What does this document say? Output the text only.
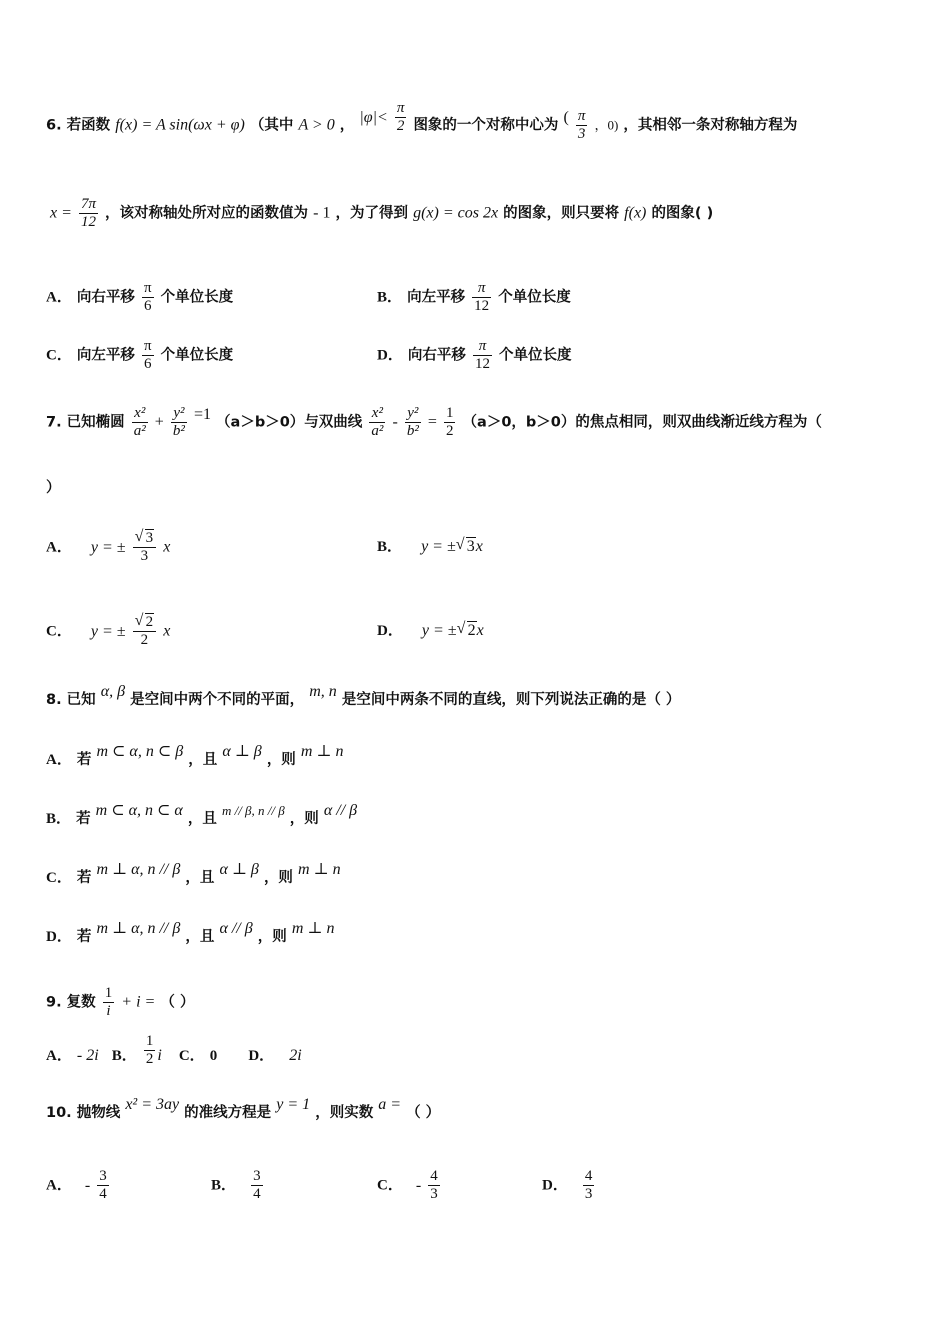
6. 若函数 f(x) = A sin(ωx + φ) （其中 A > 0 ， $|\varphi|< \frac{\pi}{2}$ 图象的一个对称中心为 ( $\frac{\pi}{3}$ ，0) ，其相邻一条对称轴方程为
$x = \frac{7\pi}{12}$ ，该对称轴处所对应的函数值为 - 1 ，为了得到 g(x) = cos 2x 的图象，则只要将 f(x) 的图象( )
A． 向右平移 $\frac{\pi}{6}$ 个单位长度	B． 向左平移 $\frac{\pi}{12}$ 个单位长度
C． 向左平移 $\frac{\pi}{6}$ 个单位长度	D． 向右平移 $\frac{\pi}{12}$ 个单位长度
7. 已知椭圆 $\frac{\text{x²}}{\text{a²}} + \frac{\text{y²}}{\text{b²}} =1$ （a＞b＞0）与双曲线 $\frac{\text{x²}}{\text{a²}} - \frac{\text{y²}}{\text{b²}} = \frac{1}{2} (a>0$，b＞0）的焦点相同，则双曲线渐近线方程为（
）
A． y = ± √ $\frac{3}{3}$ x	B． y = ± √ 3x
C． y = ± √ $\frac{2}{2}$ x	D． y = ± √ 2x
8. 已知 α, β 是空间中两个不同的平面， m, n 是空间中两条不同的直线，则下列说法正确的是（ ）
A． 若 m ⊂ α, n ⊂ β ，且 α ⊥ β ，则 m ⊥ n
B． 若 m ⊂ α, n ⊂ α ，且 m // β, n // β ，则 α // β
C． 若 m ⊥ α, n // β ，且 α ⊥ β ，则 m ⊥ n
D． 若 m ⊥ α, n // β ，且 α // β ，则 m ⊥ n
9. 复数 $\frac{1}{i} + i$ = （ ）
A． - 2i B． $\frac{1}{2}$ i C． 0 D． 2i
10. 抛物线 x² = 3ay 的准线方程是 y = 1 ，则实数 a = （ ）
A． - $\frac{3}{4}$	B． $\frac{3}{4}$	C． - $\frac{4}{3}$	D． $\frac{4}{3}$
